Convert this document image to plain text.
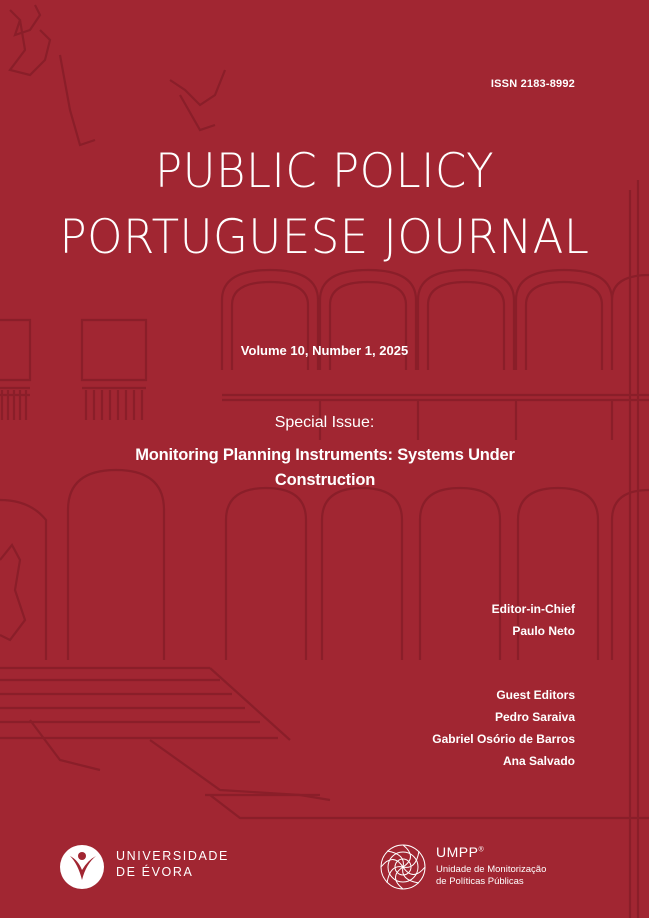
ISSN 2183-8992
PUBLIC POLICY
PORTUGUESE JOURNAL
Volume 10, Number 1, 2025
Special Issue:
Monitoring Planning Instruments: Systems Under
Construction
Editor-in-Chief
Paulo Neto
Guest Editors
Pedro Saraiva
Gabriel Osório de Barros
Ana Salvado
UNIVERSIDADE
DE ÉVORA
UMPP®
Unidade de Monitorização
de Políticas Públicas
